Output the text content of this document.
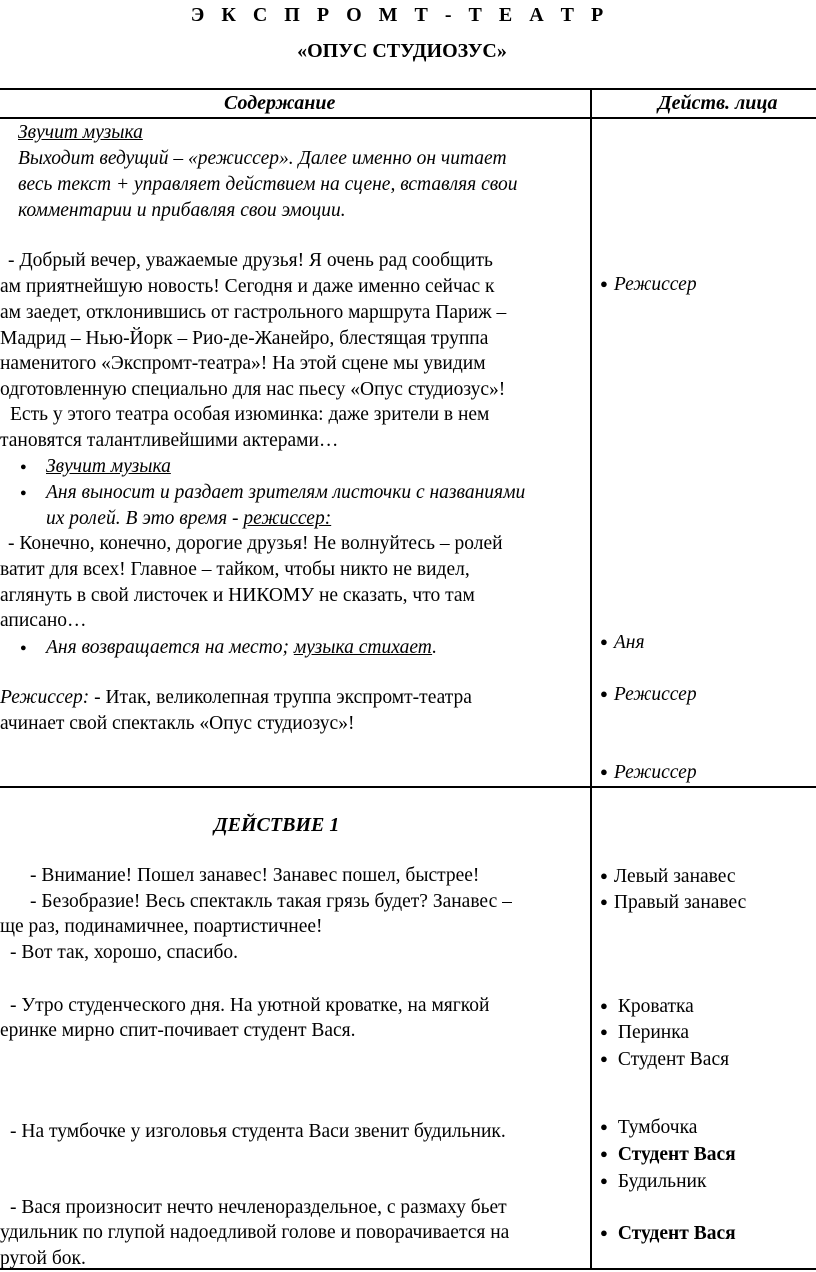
Э К С П Р О М Т - Т Е А Т Р
«ОПУС СТУДИОЗУС»
Содержание	Действ. лица
Звучит музыка
Выходит ведущий – «режиссер». Далее именно он читает
весь текст + управляет действием на сцене, вставляя свои
комментарии и прибавляя свои эмоции.
- Добрый вечер, уважаемые друзья! Я очень рад сообщить
ам приятнейшую новость! Сегодня и даже именно сейчас к
ам заедет, отклонившись от гастрольного маршрута Париж –
Мадрид – Нью-Йорк – Рио-де-Жанейро, блестящая труппа
наменитого «Экспромт-театра»! На этой сцене мы увидим
одготовленную специально для нас пьесу «Опус студиозус»!
Есть у этого театра особая изюминка: даже зрители в нем
тановятся талантливейшими актерами…
● Звучит музыка
● Аня выносит и раздает зрителям листочки с названиями
их ролей. В это время - режиссер:
- Конечно, конечно, дорогие друзья! Не волнуйтесь – ролей
ватит для всех! Главное – тайком, чтобы никто не видел,
аглянуть в свой листочек и НИКОМУ не сказать, что там
аписано…
● Аня возвращается на место; музыка стихает.
Режиссер: - Итак, великолепная труппа экспромт-театра
ачинает свой спектакль «Опус студиозус»!
● Режиссер
● Аня
● Режиссер
● Режиссер
ДЕЙСТВИЕ 1
- Внимание! Пошел занавес! Занавес пошел, быстрее!
- Безобразие! Весь спектакль такая грязь будет? Занавес –
ще раз, подинамичнее, поартистичнее!
- Вот так, хорошо, спасибо.
- Утро студенческого дня. На уютной кроватке, на мягкой
еринке мирно спит-почивает студент Вася.
- На тумбочке у изголовья студента Васи звенит будильник.
- Вася произносит нечто нечленораздельное, с размаху бьет
удильник по глупой надоедливой голове и поворачивается на
ругой бок.
● Левый занавес
● Правый занавес
● Кроватка
● Перинка
● Студент Вася
● Тумбочка
● Студент Вася
● Будильник
● Студент Вася
